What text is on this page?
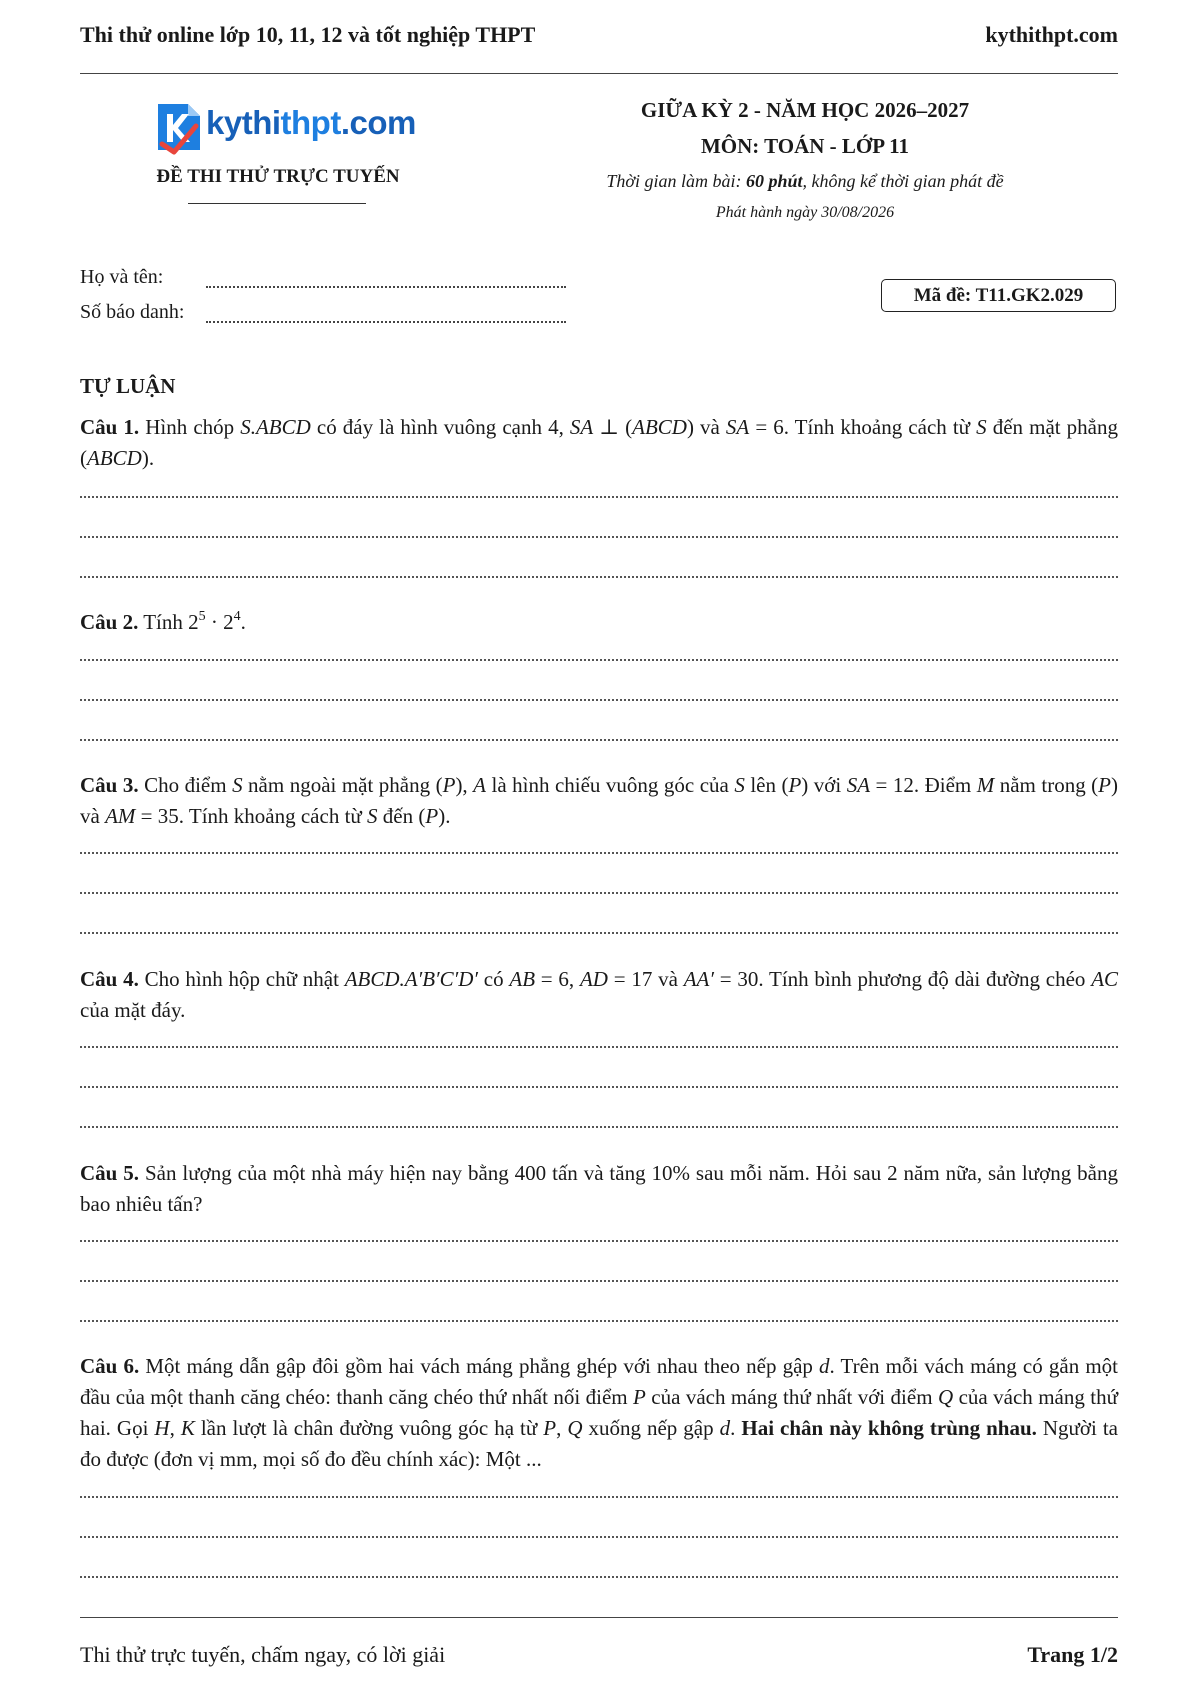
Thi thử online lớp 10, 11, 12 và tốt nghiệp THPT	kythithpt.com
kythithpt.com
ĐỀ THI THỬ TRỰC TUYẾN
GIỮA KỲ 2 - NĂM HỌC 2026–2027
MÔN: TOÁN - LỚP 11
Thời gian làm bài: 60 phút, không kể thời gian phát đề
Phát hành ngày 30/08/2026
Họ và tên:
Số báo danh:
Mã đề: T11.GK2.029
TỰ LUẬN
Câu 1. Hình chóp S.ABCD có đáy là hình vuông cạnh 4, SA ⊥ (ABCD) và SA = 6. Tính khoảng cách từ S đến mặt phẳng (ABCD).
Câu 2. Tính $2^5 \cdot 2^4$.
Câu 3. Cho điểm S nằm ngoài mặt phẳng (P), A là hình chiếu vuông góc của S lên (P) với SA = 12. Điểm M nằm trong (P) và AM = 35. Tính khoảng cách từ S đến (P).
Câu 4. Cho hình hộp chữ nhật ABCD.A′B′C′D′ có AB = 6, AD = 17 và AA′ = 30. Tính bình phương độ dài đường chéo AC của mặt đáy.
Câu 5. Sản lượng của một nhà máy hiện nay bằng 400 tấn và tăng 10% sau mỗi năm. Hỏi sau 2 năm nữa, sản lượng bằng bao nhiêu tấn?
Câu 6. Một máng dẫn gập đôi gồm hai vách máng phẳng ghép với nhau theo nếp gập d. Trên mỗi vách máng có gắn một đầu của một thanh căng chéo: thanh căng chéo thứ nhất nối điểm P của vách máng thứ nhất với điểm Q của vách máng thứ hai. Gọi H, K lần lượt là chân đường vuông góc hạ từ P, Q xuống nếp gập d. Hai chân này không trùng nhau. Người ta đo được (đơn vị mm, mọi số đo đều chính xác): Một ...
Thi thử trực tuyến, chấm ngay, có lời giải	Trang 1/2
